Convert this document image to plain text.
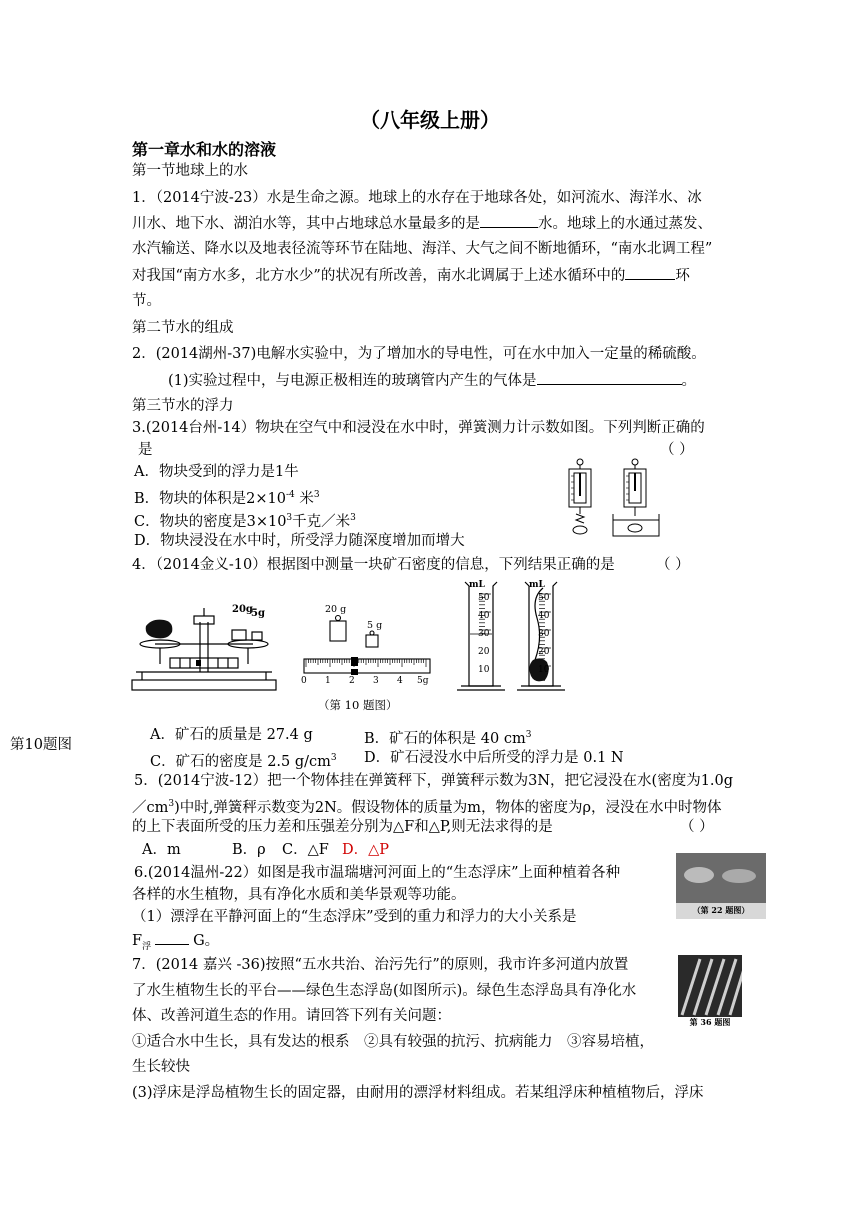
（八年级上册）
第一章水和水的溶液
第一节地球上的水
1．（2014宁波-23）水是生命之源。地球上的水存在于地球各处，如河流水、海洋水、冰
川水、地下水、湖泊水等，其中占地球总水量最多的是	水。地球上的水通过蒸发、
水汽输送、降水以及地表径流等环节在陆地、海洋、大气之间不断地循环，“南水北调工程”
对我国“南方水多，北方水少”的状况有所改善，南水北调属于上述水循环中的	环
节。
第二节水的组成
2．(2014湖州-37)电解水实验中，为了增加水的导电性，可在水中加入一定量的稀硫酸。
(1)实验过程中，与电源正极相连的玻璃管内产生的气体是	。
第三节水的浮力
3.(2014台州-14）物块在空气中和浸没在水中时，弹簧测力计示数如图。下列判断正确的
是	（ ）
A．物块受到的浮力是1牛
B．物块的体积是$2\times 10^{-4}$ 米$^3$
C．物块的密度是$3\times 10^3$千克／米$^3$
D．物块浸没在水中时，所受浮力随深度增加而增大
4．（2014金义-10）根据图中测量一块矿石密度的信息，下列结果正确的是	（ ）
20g
5g	20 g
5 g
0 1 2 3 4 5g
mL
50
40
30
20
10
mL
50
40
30
20
10
（第 10 题图）
第10题图
A．矿石的质量是 27.4 g	B．矿石的体积是 40 $cm^3$
C．矿石的密度是 2.5 $g/cm^3$ D．矿石浸没水中后所受的浮力是 0.1 N
5．(2014宁波-12）把一个物体挂在弹簧秤下，弹簧秤示数为3N，把它浸没在水(密度为1.0g
$/cm^3$)中时,弹簧秤示数变为2N。假设物体的质量为m，物体的密度为ρ，浸没在水中时物体
的上下表面所受的压力差和压强差分别为△F和△P,则无法求得的是	（ ）
A．m	B．ρ C．△F D．△P
6.(2014温州-22）如图是我市温瑞塘河河面上的“生态浮床”上面种植着各种
各样的水生植物，具有净化水质和美华景观等功能。
（1）漂浮在平静河面上的“生态浮床”受到的重力和浮力的大小关系是
$F_浮$	G。
（第 22 题图）
7．(2014 嘉兴 -36)按照“五水共治、治污先行”的原则，我市许多河道内放置
了水生植物生长的平台——绿色生态浮岛(如图所示)。绿色生态浮岛具有净化水
体、改善河道生态的作用。请回答下列有关问题：
①适合水中生长，具有发达的根系　②具有较强的抗污、抗病能力　③容易培植，
生长较快
(3)浮床是浮岛植物生长的固定器，由耐用的漂浮材料组成。若某组浮床种植植物后，浮床
第 36 题图
